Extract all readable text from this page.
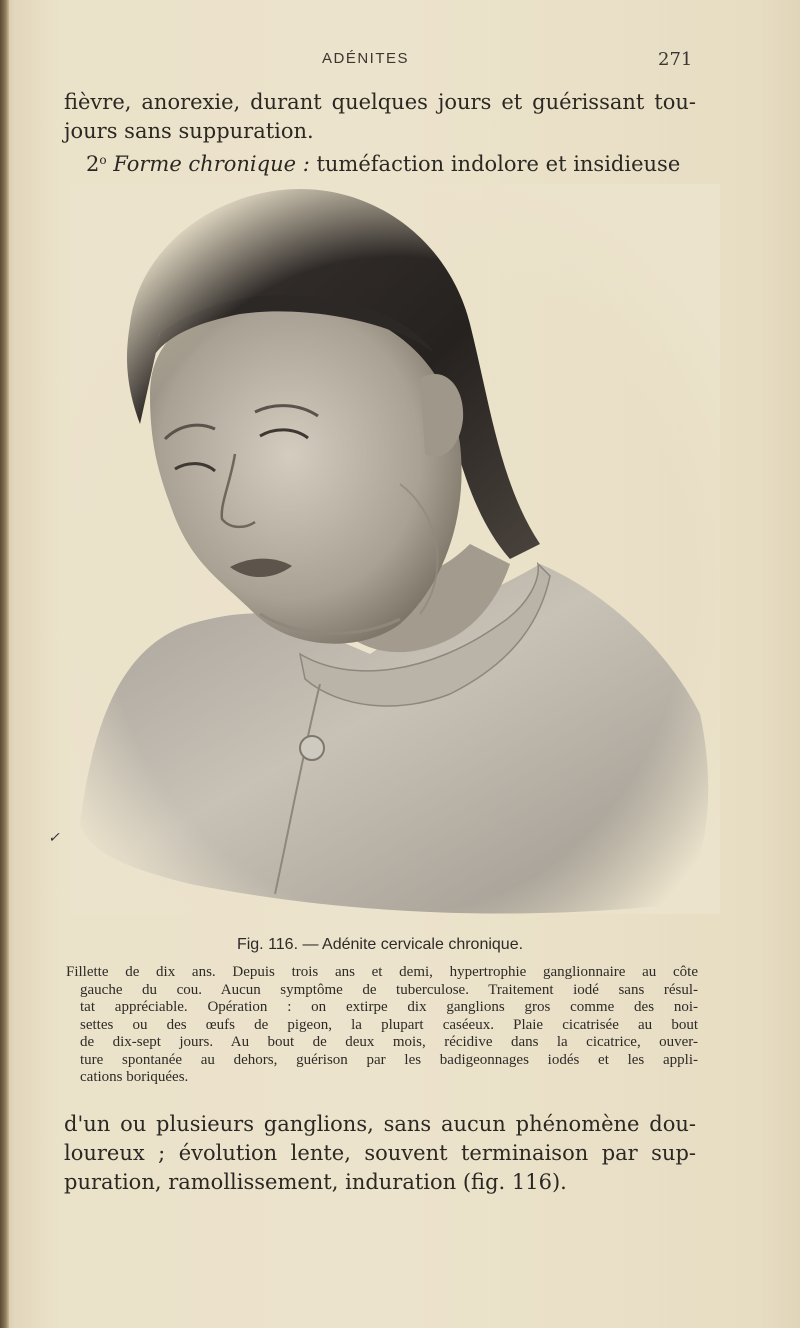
ADÉNITES	271
fièvre, anorexie, durant quelques jours et guérissant tou-
jours sans suppuration.
2$^o$ Forme chronique : tuméfaction indolore et insidieuse
✓
Fig. 116. — Adénite cervicale chronique.
Fillette de dix ans. Depuis trois ans et demi, hypertrophie ganglionnaire au côte
gauche du cou. Aucun symptôme de tuberculose. Traitement iodé sans résul-
tat appréciable. Opération : on extirpe dix ganglions gros comme des noi-
settes ou des œufs de pigeon, la plupart caséeux. Plaie cicatrisée au bout
de dix-sept jours. Au bout de deux mois, récidive dans la cicatrice, ouver-
ture spontanée au dehors, guérison par les badigeonnages iodés et les appli-
cations boriquées.
d'un ou plusieurs ganglions, sans aucun phénomène dou-
loureux ; évolution lente, souvent terminaison par sup-
puration, ramollissement, induration (fig. 116).
